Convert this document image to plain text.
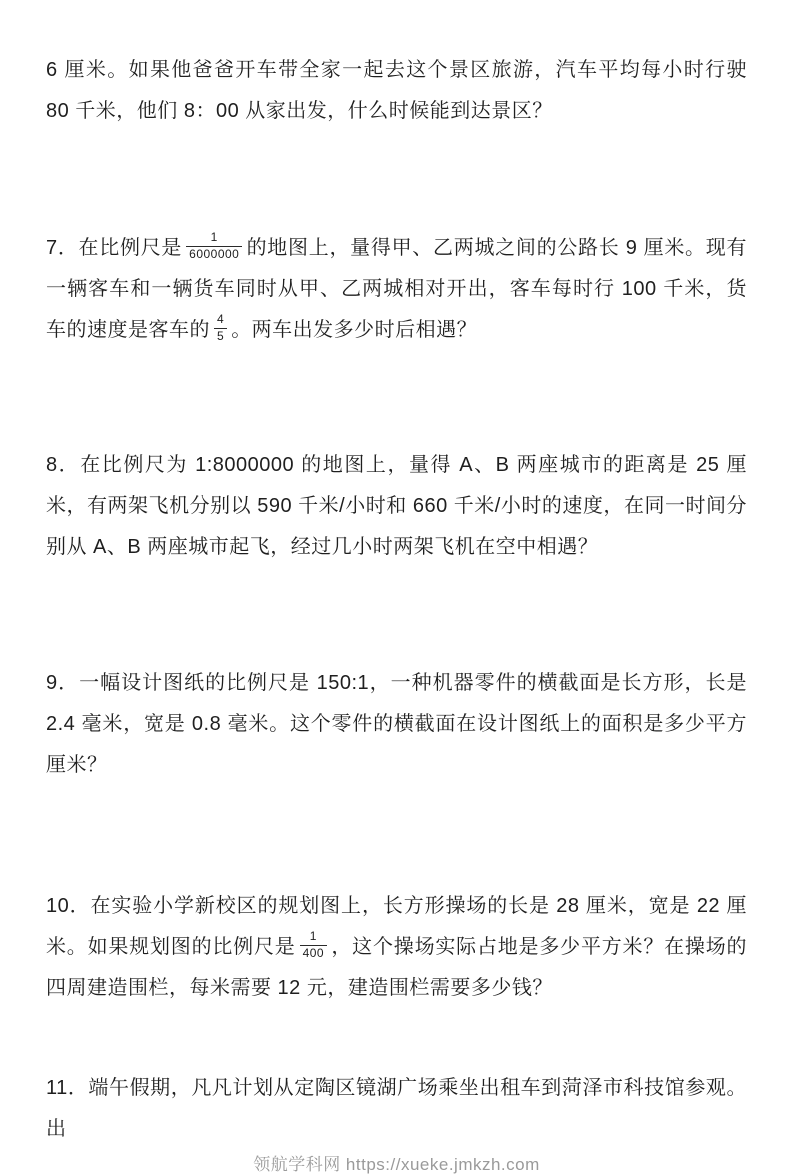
6 厘米。如果他爸爸开车带全家一起去这个景区旅游，汽车平均每小时行驶 80 千米，他们 8：00 从家出发，什么时候能到达景区？
7．在比例尺是 $\frac{1}{6000000}$ 的地图上，量得甲、乙两城之间的公路长 9 厘米。现有一辆客车和一辆货车同时从甲、乙两城相对开出，客车每时行 100 千米，货车的速度是客车的 $\frac{4}{5}$ 。两车出发多少时后相遇？
8．在比例尺为 1:8000000 的地图上，量得 A、B 两座城市的距离是 25 厘米，有两架飞机分别以 590 千米/小时和 660 千米/小时的速度，在同一时间分别从 A、B 两座城市起飞，经过几小时两架飞机在空中相遇？
9．一幅设计图纸的比例尺是 150:1，一种机器零件的横截面是长方形，长是 2.4 毫米，宽是 0.8 毫米。这个零件的横截面在设计图纸上的面积是多少平方厘米？
10．在实验小学新校区的规划图上，长方形操场的长是 28 厘米，宽是 22 厘米。如果规划图的比例尺是 $\frac{1}{400}$ ，这个操场实际占地是多少平方米？在操场的四周建造围栏，每米需要 12 元，建造围栏需要多少钱？
11．端午假期，凡凡计划从定陶区镜湖广场乘坐出租车到菏泽市科技馆参观。出
领航学科网 https://xueke.jmkzh.com
